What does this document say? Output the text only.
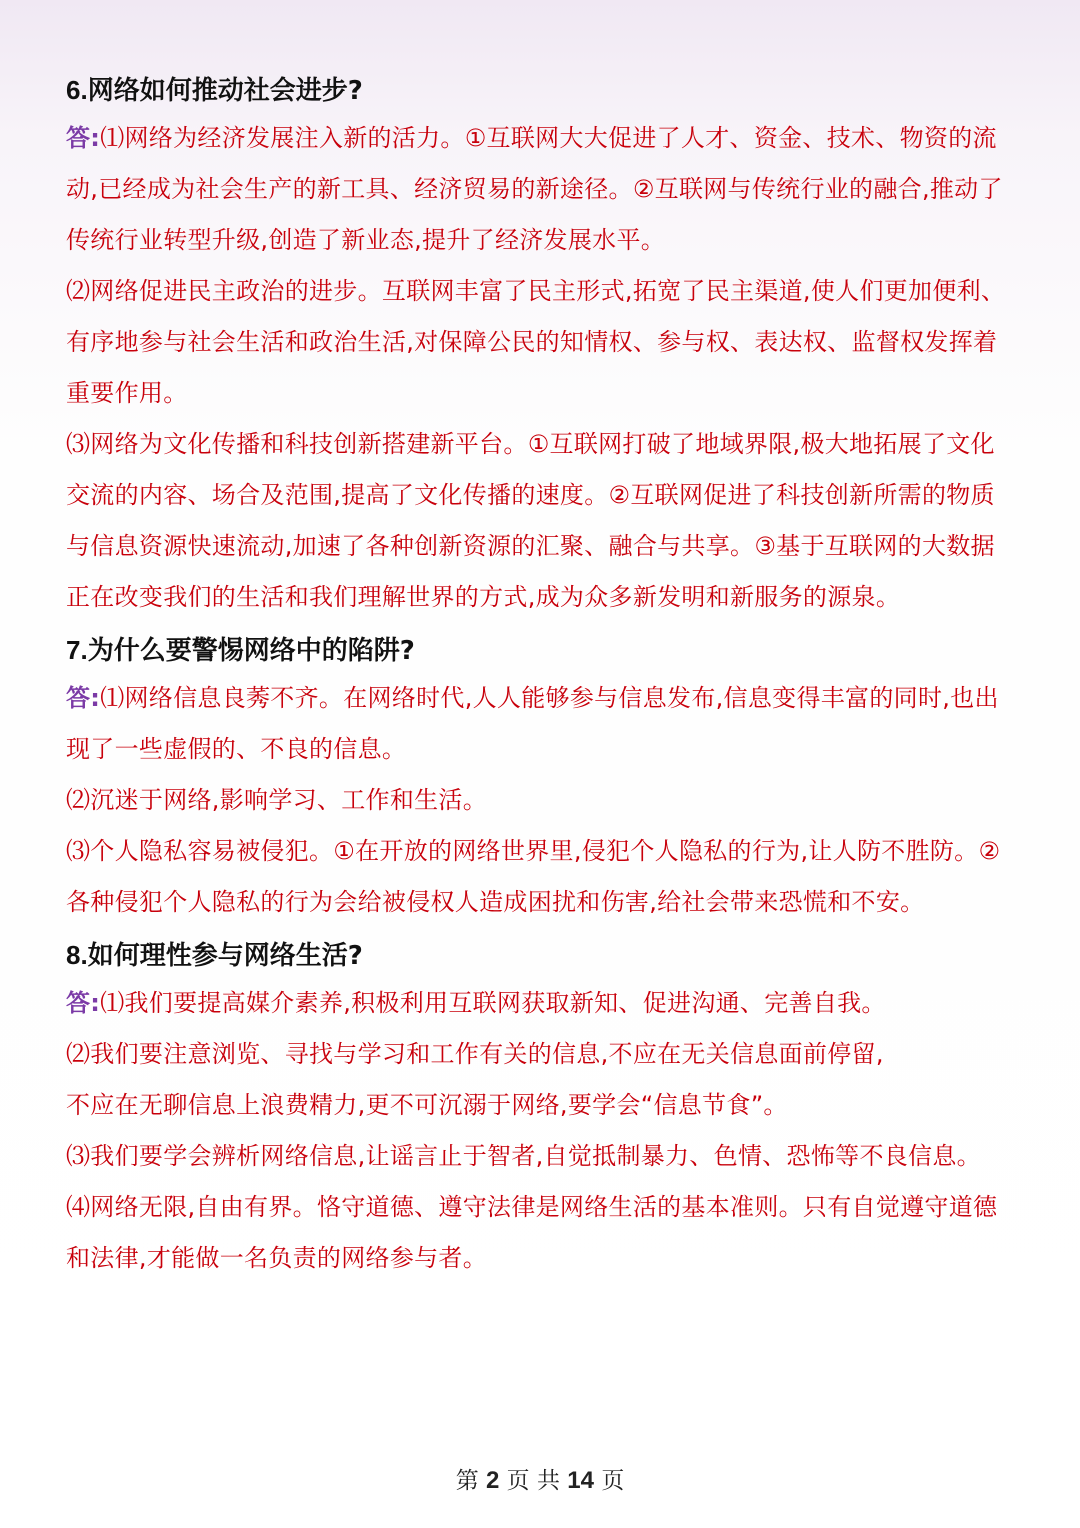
6.网络如何推动社会进步?

答:⑴网络为经济发展注入新的活力。①互联网大大促进了人才、资金、技术、物资的流动,已经成为社会生产的新工具、经济贸易的新途径。②互联网与传统行业的融合,推动了传统行业转型升级,创造了新业态,提升了经济发展水平。

⑵网络促进民主政治的进步。互联网丰富了民主形式,拓宽了民主渠道,使人们更加便利、有序地参与社会生活和政治生活,对保障公民的知情权、参与权、表达权、监督权发挥着重要作用。

⑶网络为文化传播和科技创新搭建新平台。①互联网打破了地域界限,极大地拓展了文化交流的内容、场合及范围,提高了文化传播的速度。②互联网促进了科技创新所需的物质与信息资源快速流动,加速了各种创新资源的汇聚、融合与共享。③基于互联网的大数据正在改变我们的生活和我们理解世界的方式,成为众多新发明和新服务的源泉。

7.为什么要警惕网络中的陷阱?

答:⑴网络信息良莠不齐。在网络时代,人人能够参与信息发布,信息变得丰富的同时,也出现了一些虚假的、不良的信息。

⑵沉迷于网络,影响学习、工作和生活。

⑶个人隐私容易被侵犯。①在开放的网络世界里,侵犯个人隐私的行为,让人防不胜防。②各种侵犯个人隐私的行为会给被侵权人造成困扰和伤害,给社会带来恐慌和不安。

8.如何理性参与网络生活?

答:⑴我们要提高媒介素养,积极利用互联网获取新知、促进沟通、完善自我。

⑵我们要注意浏览、寻找与学习和工作有关的信息,不应在无关信息面前停留,
不应在无聊信息上浪费精力,更不可沉溺于网络,要学会“信息节食”。

⑶我们要学会辨析网络信息,让谣言止于智者,自觉抵制暴力、色情、恐怖等不良信息。

⑷网络无限,自由有界。恪守道德、遵守法律是网络生活的基本准则。只有自觉遵守道德和法律,才能做一名负责的网络参与者。

第 2 页 共 14 页
